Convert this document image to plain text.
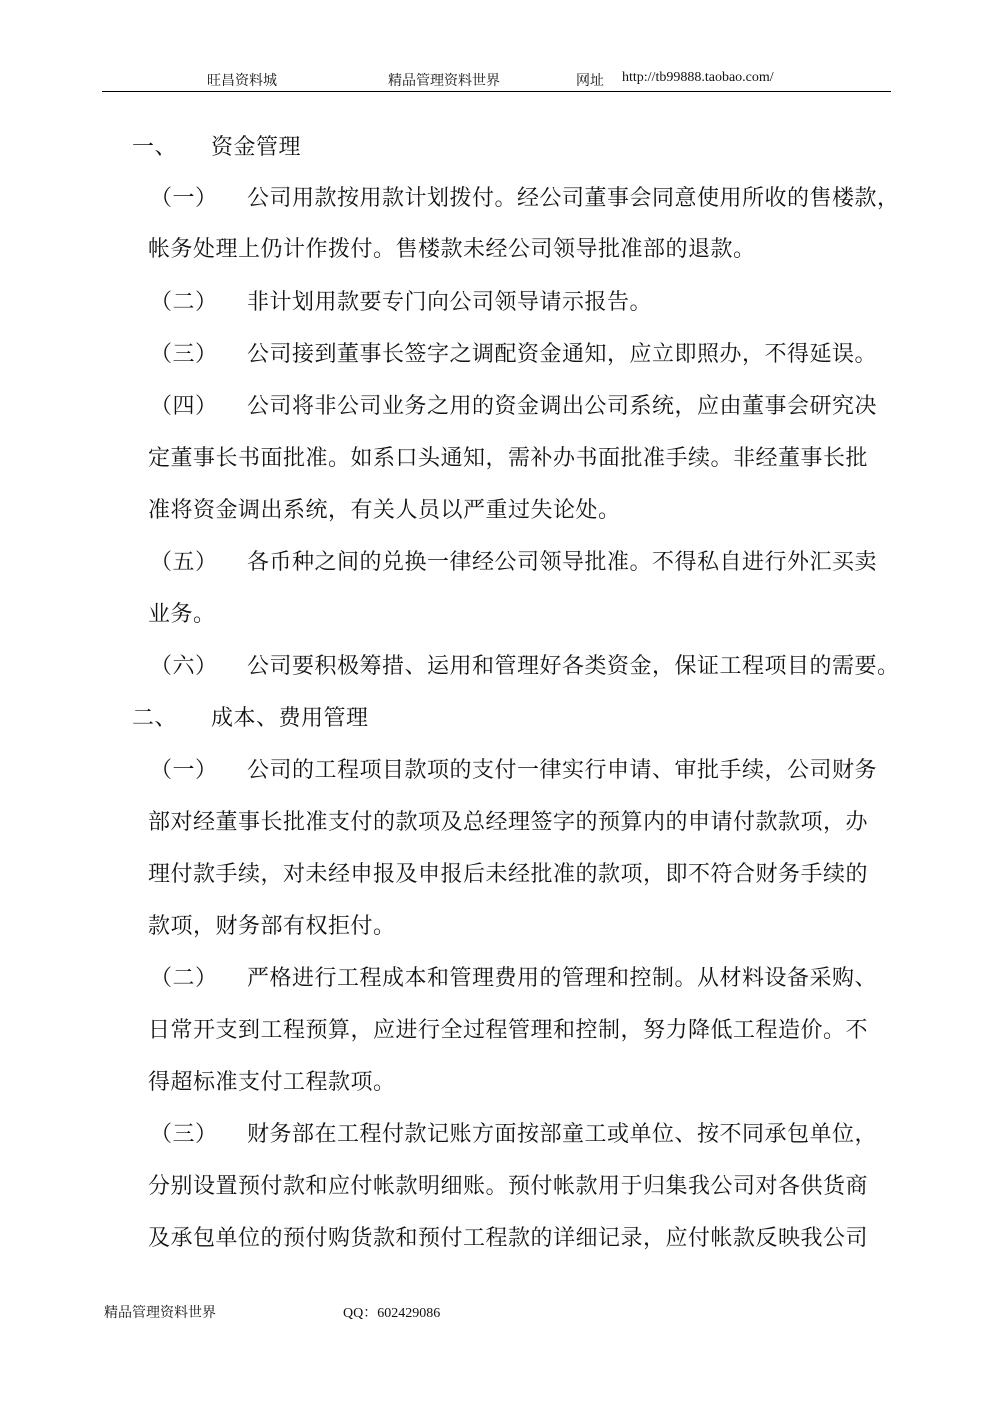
旺昌资料城	精品管理资料世界	网址 http://tb99888.taobao.com/
一、 资金管理
（一） 公司用款按用款计划拨付。经公司董事会同意使用所收的售楼款，
帐务处理上仍计作拨付。售楼款未经公司领导批准部的退款。
（二） 非计划用款要专门向公司领导请示报告。
（三） 公司接到董事长签字之调配资金通知，应立即照办，不得延误。
（四） 公司将非公司业务之用的资金调出公司系统，应由董事会研究决
定董事长书面批准。如系口头通知，需补办书面批准手续。非经董事长批
准将资金调出系统，有关人员以严重过失论处。
（五） 各币种之间的兑换一律经公司领导批准。不得私自进行外汇买卖
业务。
（六） 公司要积极筹措、运用和管理好各类资金，保证工程项目的需要。
二、 成本、费用管理
（一） 公司的工程项目款项的支付一律实行申请、审批手续，公司财务
部对经董事长批准支付的款项及总经理签字的预算内的申请付款款项，办
理付款手续，对未经申报及申报后未经批准的款项，即不符合财务手续的
款项，财务部有权拒付。
（二） 严格进行工程成本和管理费用的管理和控制。从材料设备采购、
日常开支到工程预算，应进行全过程管理和控制，努力降低工程造价。不
得超标准支付工程款项。
（三） 财务部在工程付款记账方面按部童工或单位、按不同承包单位，
分别设置预付款和应付帐款明细账。预付帐款用于归集我公司对各供货商
及承包单位的预付购货款和预付工程款的详细记录，应付帐款反映我公司
精品管理资料世界	QQ：602429086
